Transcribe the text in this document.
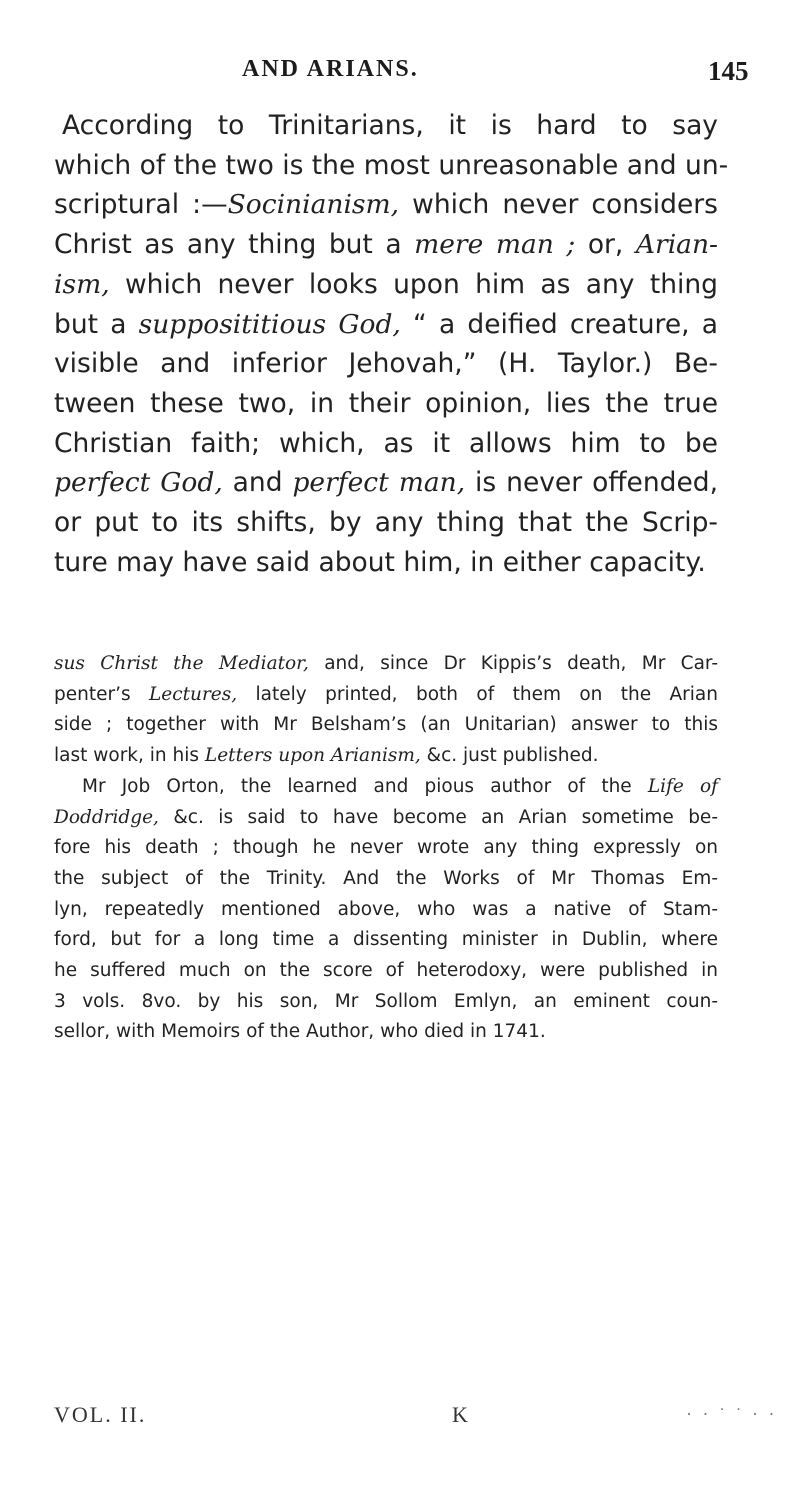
AND ARIANS.	145
According to Trinitarians, it is hard to say
which of the two is the most unreasonable and un-
scriptural :—Socinianism, which never considers
Christ as any thing but a mere man ; or, Arian-
ism, which never looks upon him as any thing
but a supposititious God, “ a deified creature, a
visible and inferior Jehovah,” (H. Taylor.) Be-
tween these two, in their opinion, lies the true
Christian faith; which, as it allows him to be
perfect God, and perfect man, is never offended,
or put to its shifts, by any thing that the Scrip-
ture may have said about him, in either capacity.
sus Christ the Mediator, and, since Dr Kippis’s death, Mr Car-
penter’s Lectures, lately printed, both of them on the Arian
side ; together with Mr Belsham’s (an Unitarian) answer to this
last work, in his Letters upon Arianism, &c. just published.
Mr Job Orton, the learned and pious author of the Life of
Doddridge, &c. is said to have become an Arian sometime be-
fore his death ; though he never wrote any thing expressly on
the subject of the Trinity. And the Works of Mr Thomas Em-
lyn, repeatedly mentioned above, who was a native of Stam-
ford, but for a long time a dissenting minister in Dublin, where
he suffered much on the score of heterodoxy, were published in
3 vols. 8vo. by his son, Mr Sollom Emlyn, an eminent coun-
sellor, with Memoirs of the Author, who died in 1741.
VOL. II.	K	· · ˙ ˙ · ·
